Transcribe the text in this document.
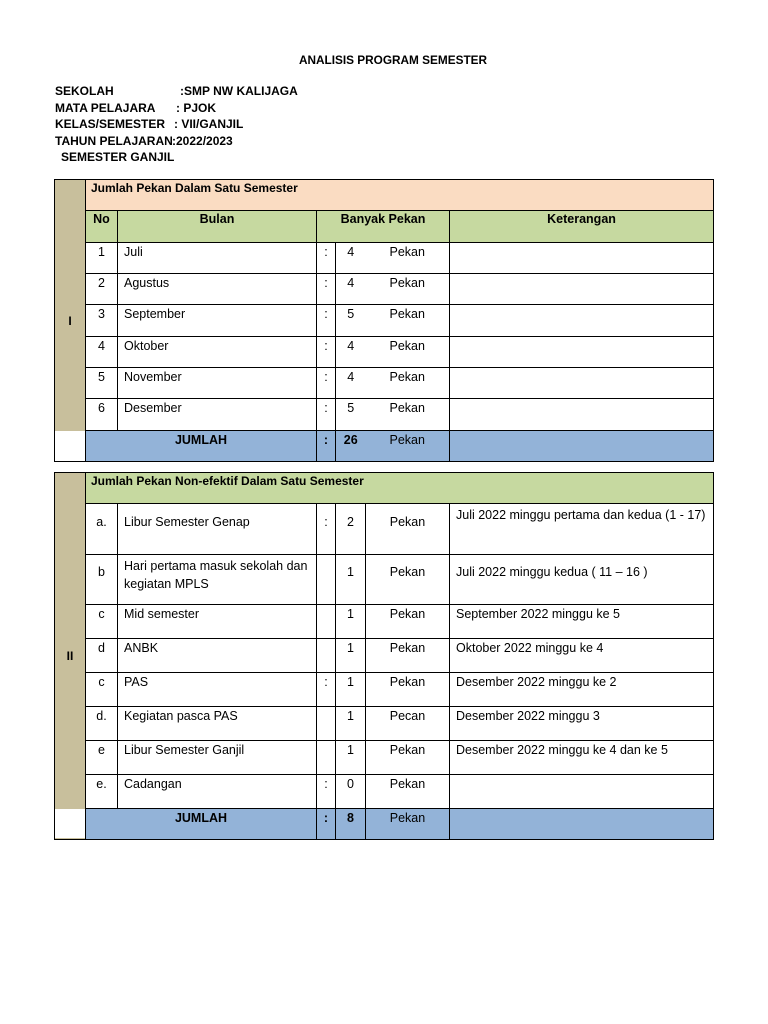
ANALISIS PROGRAM SEMESTER
SEKOLAH	:SMP NW KALIJAGA
MATA PELAJARA : PJOK
KELAS/SEMESTER : VII/GANJIL
TAHUN PELAJARAN :2022/2023
SEMESTER GANJIL
I	Jumlah Pekan Dalam Satu Semester					
	No	Bulan	Banyak Pekan			Keterangan
	1	Juli	:	4	Pekan	
	2	Agustus	:	4	Pekan	
	3	September	:	5	Pekan	
	4	Oktober	:	4	Pekan	
	5	November	:	4	Pekan	
	6	Desember	:	5	Pekan	
	JUMLAH		:	26	Pekan	
II	Jumlah Pekan Non-efektif Dalam Satu Semester					
	a.	Libur Semester Genap	:	2	Pekan	Juli 2022 minggu pertama dan kedua (1 - 17)
	b	Hari pertama masuk sekolah dan kegiatan MPLS		1	Pekan	Juli 2022 minggu kedua ( 11 – 16 )
	c	Mid semester		1	Pekan	September 2022 minggu ke 5
	d	ANBK		1	Pekan	Oktober 2022 minggu ke 4
	c	PAS	:	1	Pekan	Desember 2022 minggu ke 2
	d.	Kegiatan pasca PAS		1	Pecan	Desember 2022 minggu 3
	e	Libur Semester Ganjil		1	Pekan	Desember 2022 minggu ke 4 dan ke 5
	e.	Cadangan	:	0	Pekan	
	JUMLAH		:	8	Pekan	
